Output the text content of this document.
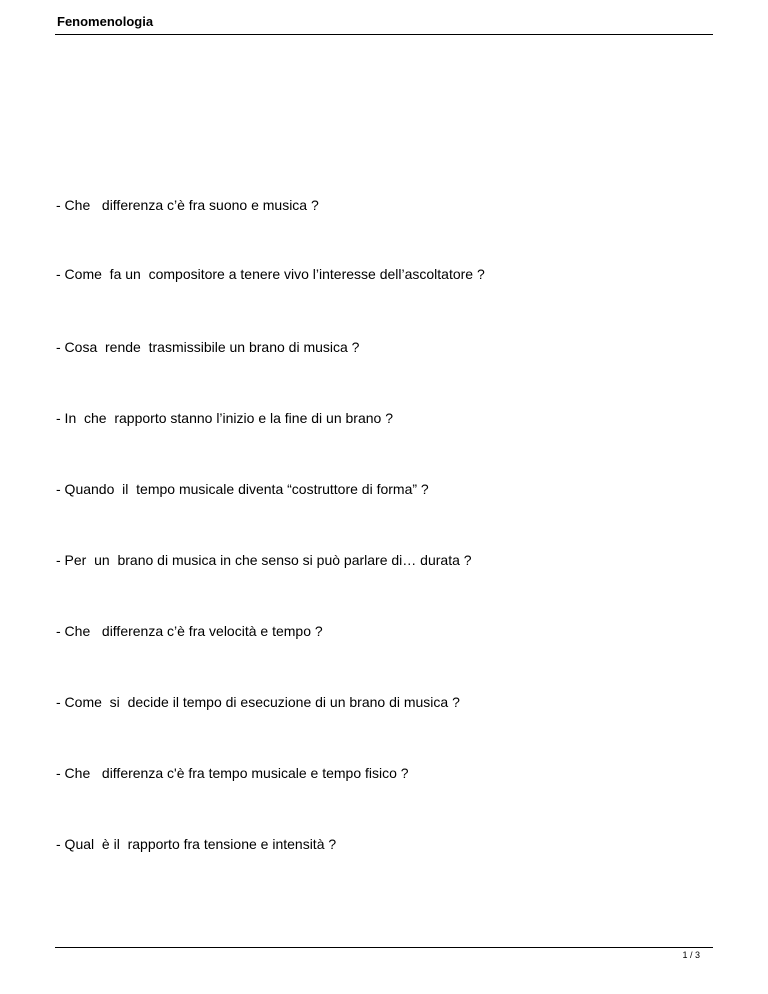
Fenomenologia
- Che   differenza c’è fra suono e musica ?
- Come  fa un  compositore a tenere vivo l’interesse dell’ascoltatore ?
- Cosa  rende  trasmissibile un brano di musica ?
- In  che  rapporto stanno l’inizio e la fine di un brano ?
- Quando  il  tempo musicale diventa “costruttore di forma” ?
- Per  un  brano di musica in che senso si può parlare di… durata ?
- Che   differenza c’è fra velocità e tempo ?
- Come  si  decide il tempo di esecuzione di un brano di musica ?
- Che   differenza c'è fra tempo musicale e tempo fisico ?
- Qual  è il  rapporto fra tensione e intensità ?
1 / 3
